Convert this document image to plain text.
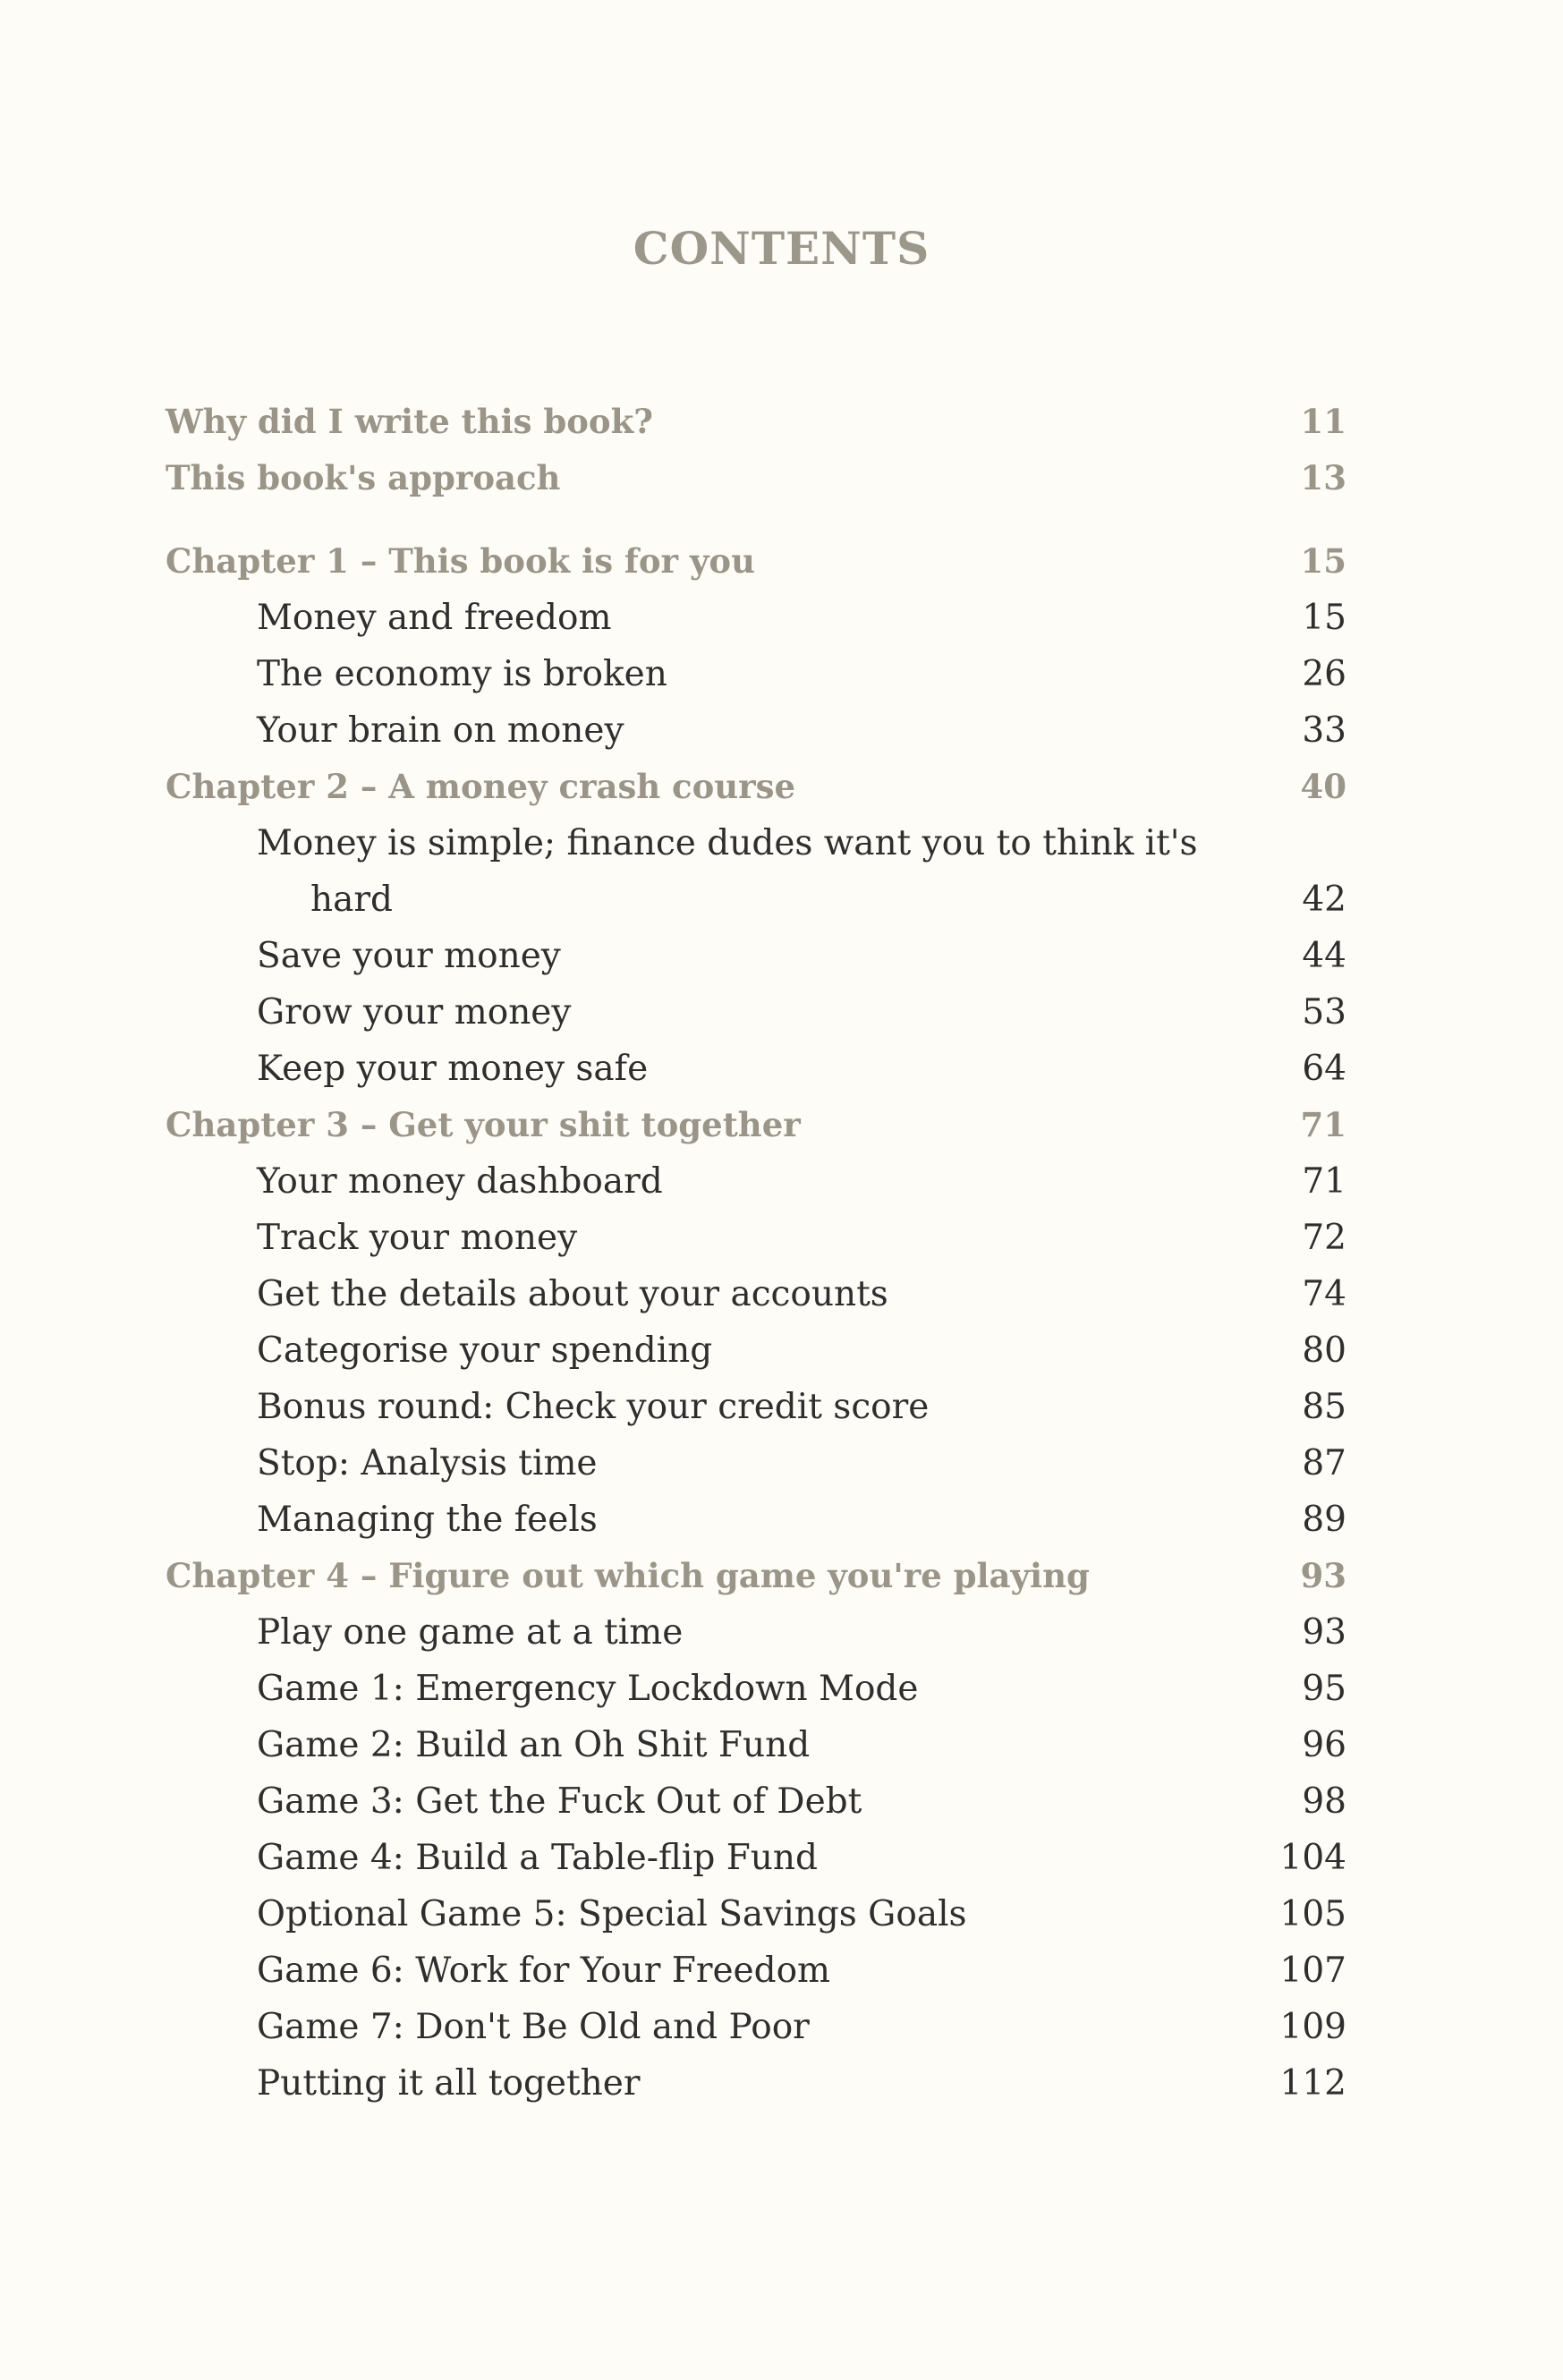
CONTENTS
Why did I write this book?	11
This book's approach	13
Chapter 1 – This book is for you	15
Money and freedom	15
The economy is broken	26
Your brain on money	33
Chapter 2 – A money crash course	40
Money is simple; finance dudes want you to think it's
hard	42
Save your money	44
Grow your money	53
Keep your money safe	64
Chapter 3 – Get your shit together	71
Your money dashboard	71
Track your money	72
Get the details about your accounts	74
Categorise your spending	80
Bonus round: Check your credit score	85
Stop: Analysis time	87
Managing the feels	89
Chapter 4 – Figure out which game you're playing	93
Play one game at a time	93
Game 1: Emergency Lockdown Mode	95
Game 2: Build an Oh Shit Fund	96
Game 3: Get the Fuck Out of Debt	98
Game 4: Build a Table-flip Fund	104
Optional Game 5: Special Savings Goals	105
Game 6: Work for Your Freedom	107
Game 7: Don't Be Old and Poor	109
Putting it all together	112
